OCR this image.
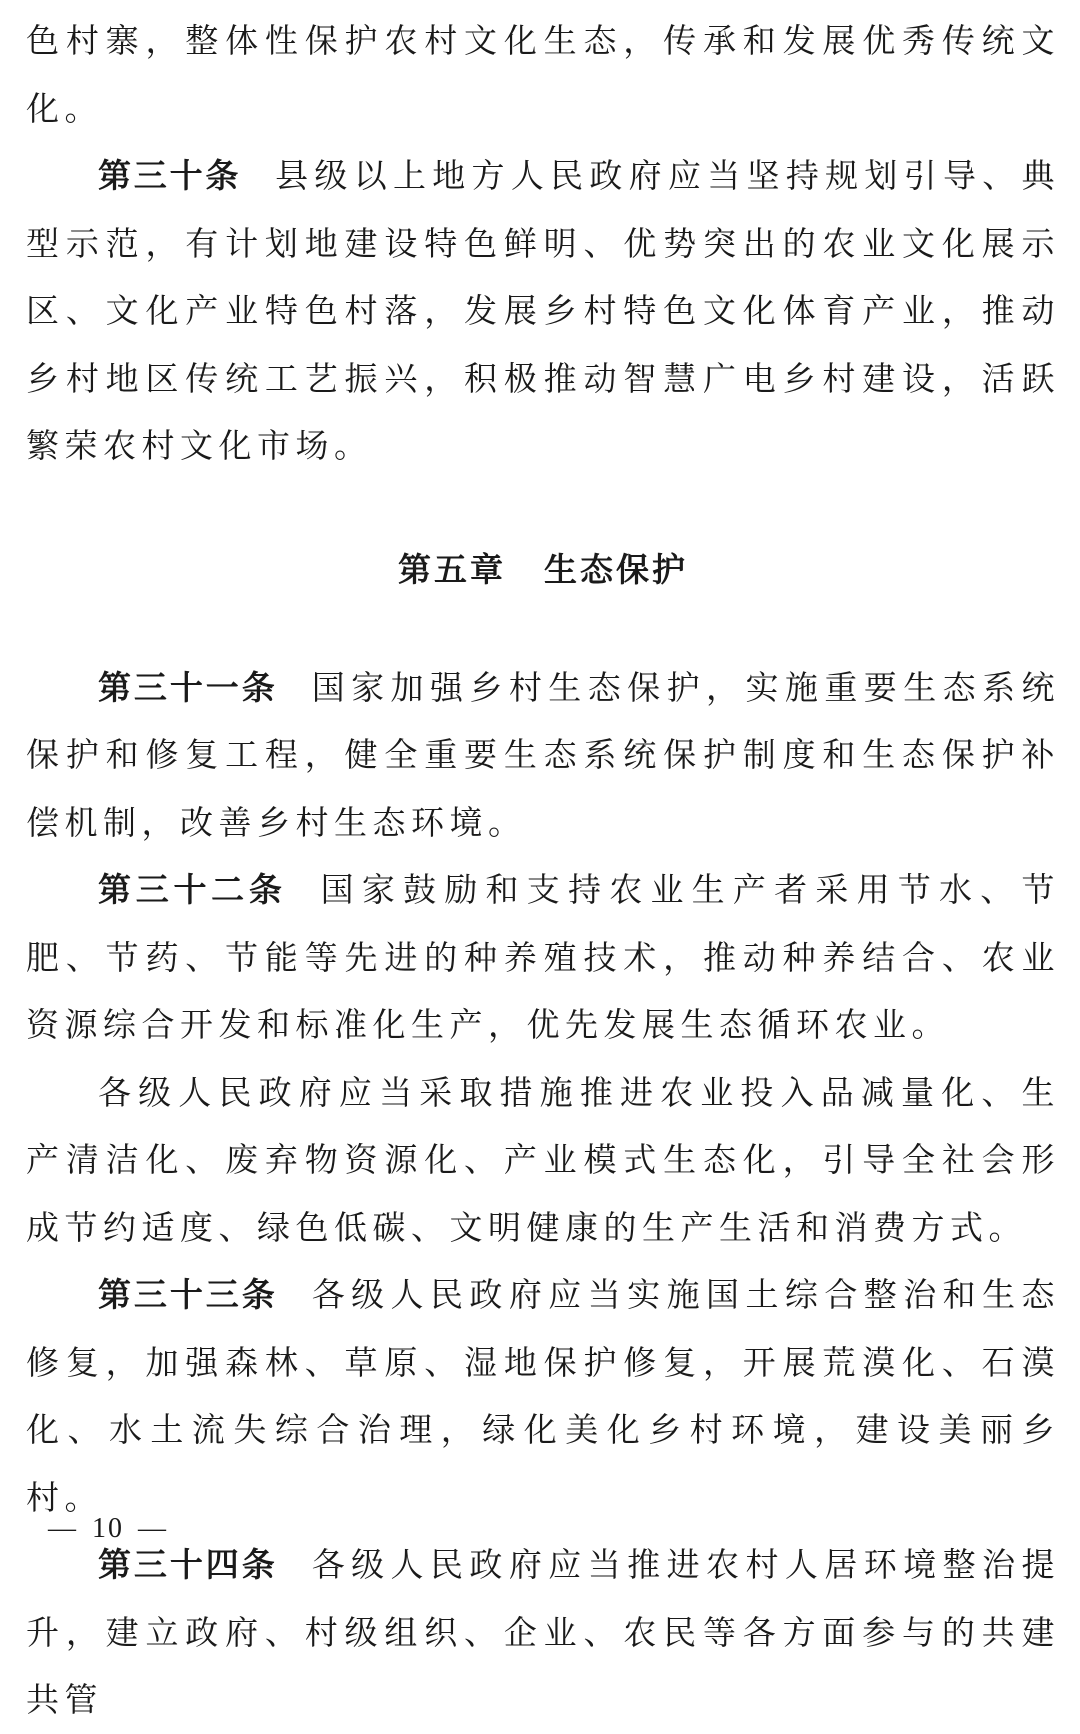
色村寨，整体性保护农村文化生态，传承和发展优秀传统文化。

第三十条 县级以上地方人民政府应当坚持规划引导、典型示范，有计划地建设特色鲜明、优势突出的农业文化展示区、文化产业特色村落，发展乡村特色文化体育产业，推动乡村地区传统工艺振兴，积极推动智慧广电乡村建设，活跃繁荣农村文化市场。

第五章 生态保护

第三十一条 国家加强乡村生态保护，实施重要生态系统保护和修复工程，健全重要生态系统保护制度和生态保护补偿机制，改善乡村生态环境。

第三十二条 国家鼓励和支持农业生产者采用节水、节肥、节药、节能等先进的种养殖技术，推动种养结合、农业资源综合开发和标准化生产，优先发展生态循环农业。

各级人民政府应当采取措施推进农业投入品减量化、生产清洁化、废弃物资源化、产业模式生态化，引导全社会形成节约适度、绿色低碳、文明健康的生产生活和消费方式。

第三十三条 各级人民政府应当实施国土综合整治和生态修复，加强森林、草原、湿地保护修复，开展荒漠化、石漠化、水土流失综合治理，绿化美化乡村环境，建设美丽乡村。

第三十四条 各级人民政府应当推进农村人居环境整治提升，建立政府、村级组织、企业、农民等各方面参与的共建共管

— 10 —
